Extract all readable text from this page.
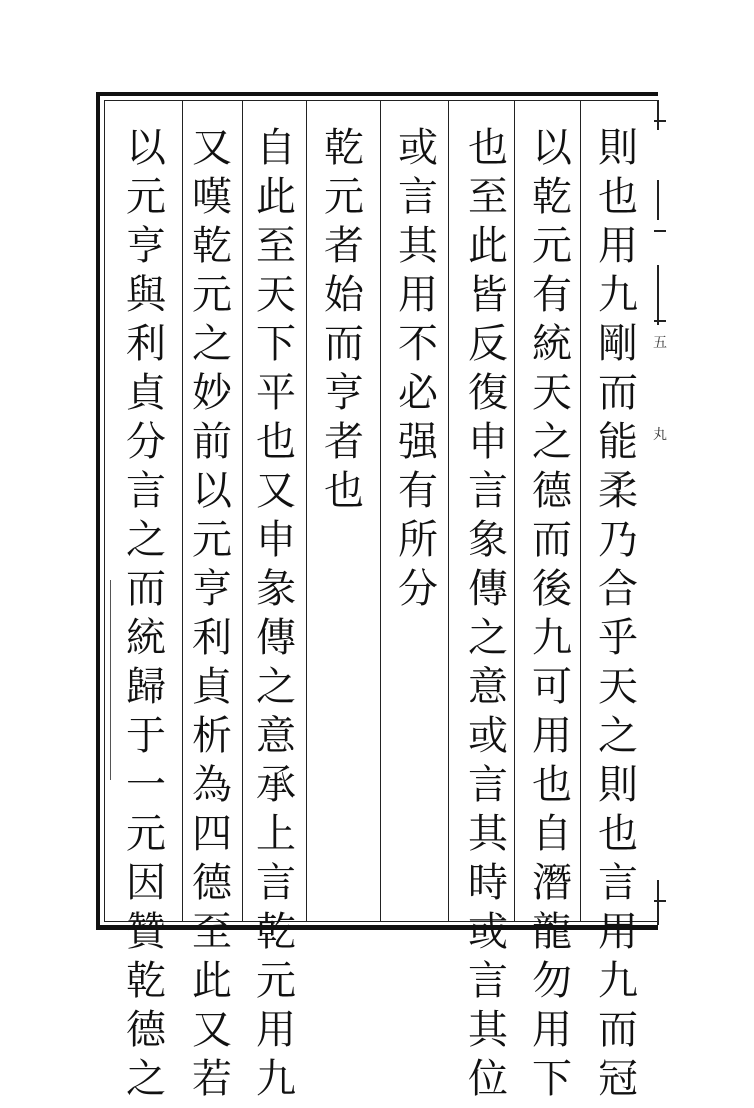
則
也
用
九
剛
而
能
柔
乃
合
乎
天
之
則
也
言
用
九
而
冠
以
乾
元
有
統
天
之
德
而
後
九
可
用
也
自
潛
龍
勿
用
下
也
至
此
皆
反
復
申
言
象
傳
之
意
或
言
其
時
或
言
其
位
或
言
其
用
不
必
强
有
所
分
乾
元
者
始
而
亨
者
也
自
此
至
天
下
平
也
又
申
彖
傳
之
意
承
上
言
乾
元
用
九
又
嘆
乾
元
之
妙
前
以
元
亨
利
貞
析
為
四
德
至
此
又
若
以
元
亨
與
利
貞
分
言
之
而
統
歸
于
一
元
因
贊
乾
德
之
五
丸
